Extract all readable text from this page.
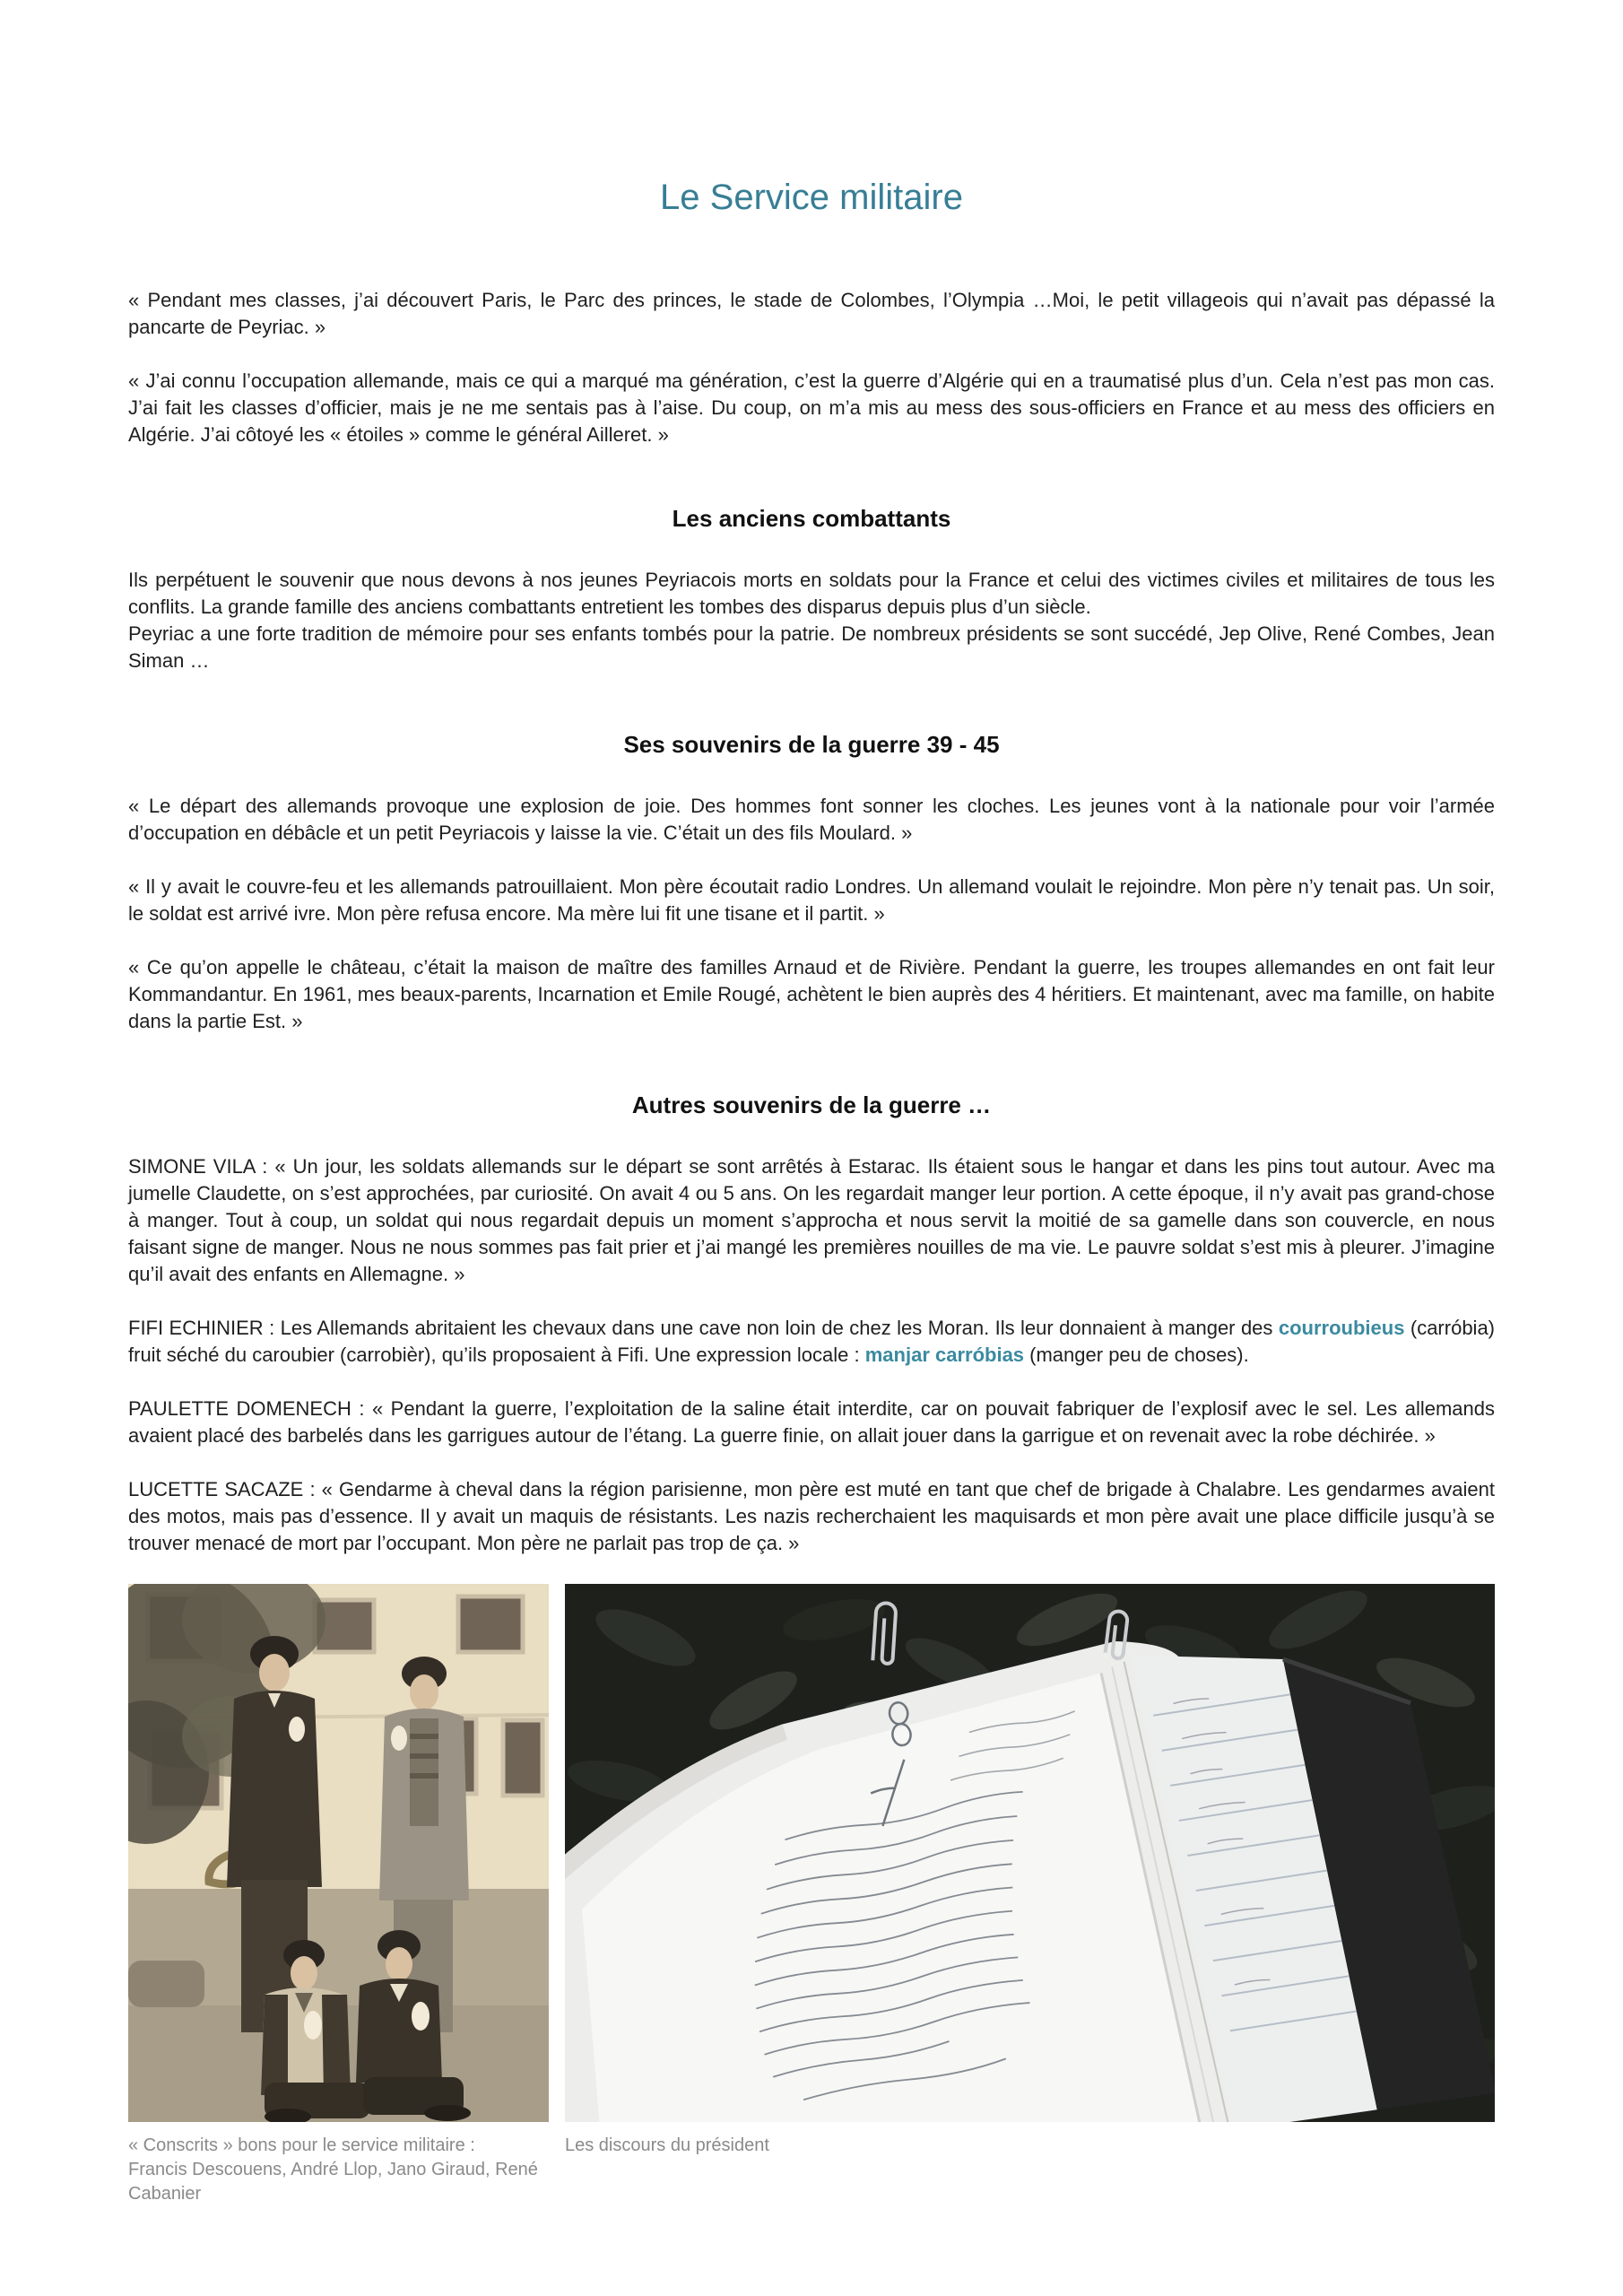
Le Service militaire

« Pendant mes classes, j’ai découvert Paris, le Parc des princes, le stade de Colombes, l’Olympia …Moi, le petit villageois qui n’avait pas dépassé la pancarte de Peyriac. »

« J’ai connu l’occupation allemande, mais ce qui a marqué ma génération, c’est la guerre d’Algérie qui en a traumatisé plus d’un. Cela n’est pas mon cas. J’ai fait les classes d’officier, mais je ne me sentais pas à l’aise. Du coup, on m’a mis au mess des sous-officiers en France et au mess des officiers en Algérie. J’ai côtoyé les « étoiles » comme le général Ailleret. »

Les anciens combattants

Ils perpétuent le souvenir que nous devons à nos jeunes Peyriacois morts en soldats pour la France et celui des victimes civiles et militaires de tous les conflits. La grande famille des anciens combattants entretient les tombes des disparus depuis plus d’un siècle.
Peyriac a une forte tradition de mémoire pour ses enfants tombés pour la patrie. De nombreux présidents se sont succédé, Jep Olive, René Combes, Jean Siman …

Ses souvenirs de la guerre 39 - 45

« Le départ des allemands provoque une explosion de joie. Des hommes font sonner les cloches. Les jeunes vont à la nationale pour voir l’armée d’occupation en débâcle et un petit Peyriacois y laisse la vie. C’était un des fils Moulard. »

« Il y avait le couvre-feu et les allemands patrouillaient. Mon père écoutait radio Londres. Un allemand voulait le rejoindre. Mon père n’y tenait pas. Un soir, le soldat est arrivé ivre. Mon père refusa encore. Ma mère lui fit une tisane et il partit. »

« Ce qu’on appelle le château, c’était la maison de maître des familles Arnaud et de Rivière. Pendant la guerre, les troupes allemandes en ont fait leur Kommandantur. En 1961, mes beaux-parents, Incarnation et Emile Rougé, achètent le bien auprès des 4 héritiers. Et maintenant, avec ma famille, on habite dans la partie Est. »

Autres souvenirs de la guerre …

SIMONE VILA : « Un jour, les soldats allemands sur le départ se sont arrêtés à Estarac. Ils étaient sous le hangar et dans les pins tout autour. Avec ma jumelle Claudette, on s’est approchées, par curiosité. On avait 4 ou 5 ans. On les regardait manger leur portion. A cette époque, il n’y avait pas grand-chose à manger. Tout à coup, un soldat qui nous regardait depuis un moment s’approcha et nous servit la moitié de sa gamelle dans son couvercle, en nous faisant signe de manger. Nous ne nous sommes pas fait prier et j’ai mangé les premières nouilles de ma vie. Le pauvre soldat s’est mis à pleurer. J’imagine qu’il avait des enfants en Allemagne. »

FIFI ECHINIER : Les Allemands abritaient les chevaux dans une cave non loin de chez les Moran. Ils leur donnaient à manger des courroubieus (carróbia) fruit séché du caroubier (carrobièr), qu’ils proposaient à Fifi. Une expression locale : manjar carróbias (manger peu de choses).

PAULETTE DOMENECH : « Pendant la guerre, l’exploitation de la saline était interdite, car on pouvait fabriquer de l’explosif avec le sel. Les allemands avaient placé des barbelés dans les garrigues autour de l’étang. La guerre finie, on allait jouer dans la garrigue et on revenait avec la robe déchirée. »

LUCETTE SACAZE : « Gendarme à cheval dans la région parisienne, mon père est muté en tant que chef de brigade à Chalabre. Les gendarmes avaient des motos, mais pas d’essence. Il y avait un maquis de résistants. Les nazis recherchaient les maquisards et mon père avait une place difficile jusqu’à se trouver menacé de mort par l’occupant. Mon père ne parlait pas trop de ça. »

« Conscrits » bons pour le service militaire :
Francis Descouens, André Llop, Jano Giraud, René Cabanier
Les discours du président
